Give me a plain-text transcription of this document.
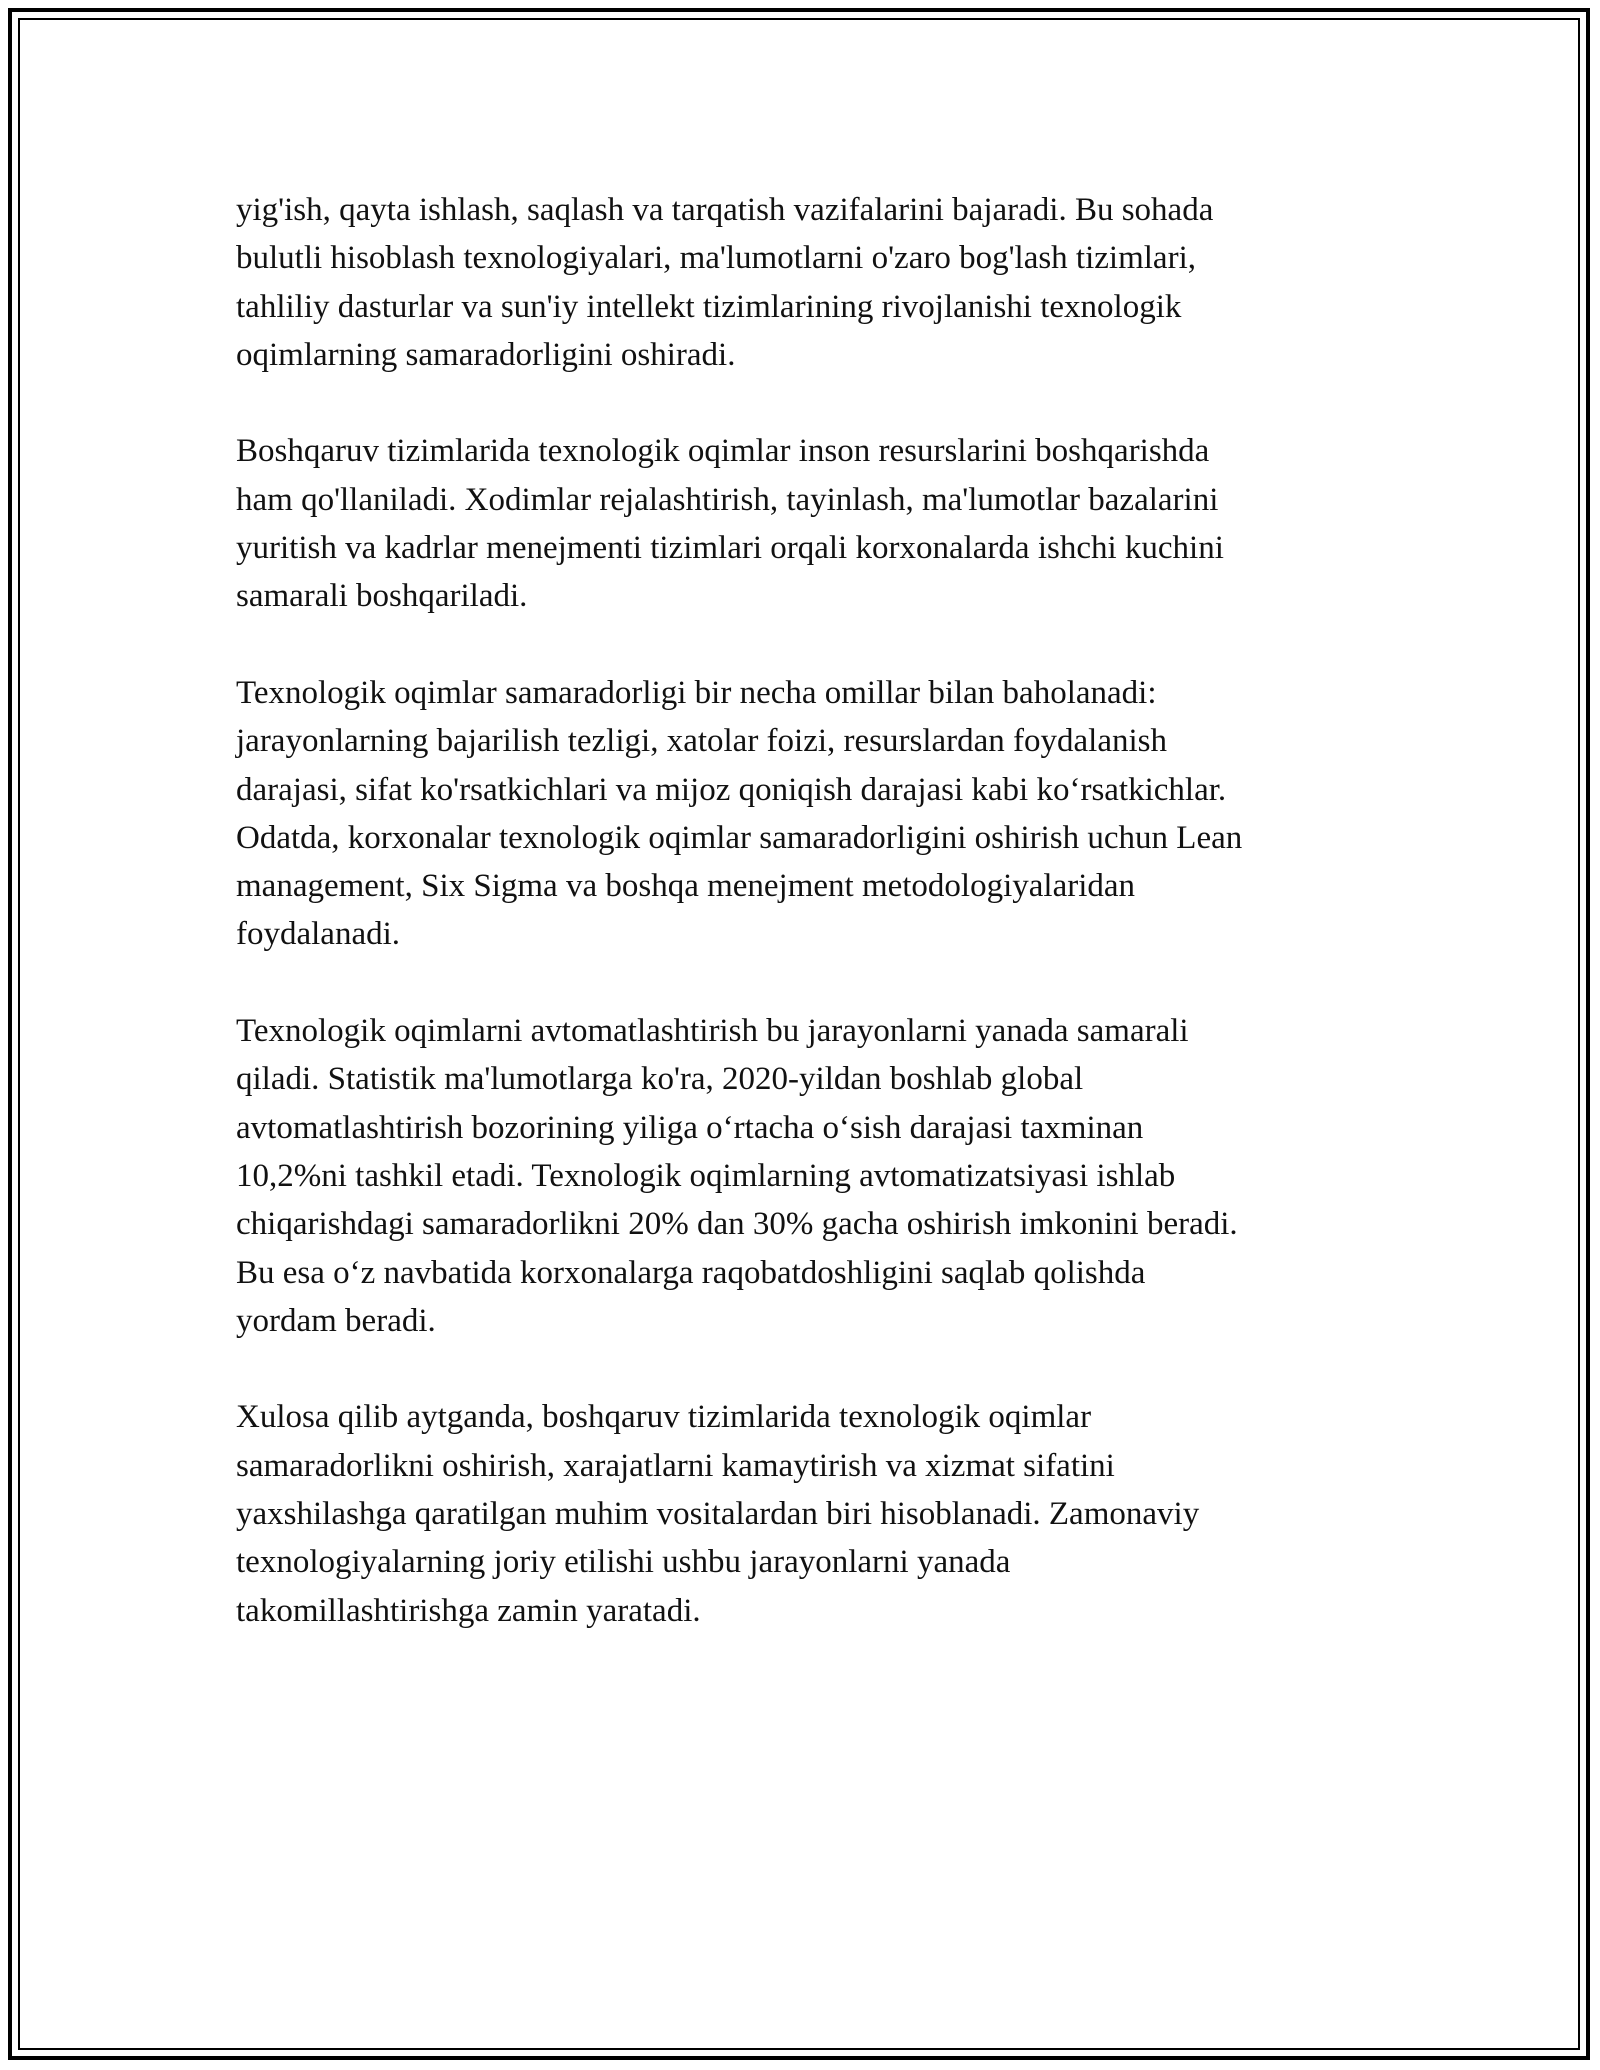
yig'ish, qayta ishlash, saqlash va tarqatish vazifalarini bajaradi. Bu sohada
bulutli hisoblash texnologiyalari, ma'lumotlarni o'zaro bog'lash tizimlari,
tahliliy dasturlar va sun'iy intellekt tizimlarining rivojlanishi texnologik
oqimlarning samaradorligini oshiradi.

Boshqaruv tizimlarida texnologik oqimlar inson resurslarini boshqarishda
ham qo'llaniladi. Xodimlar rejalashtirish, tayinlash, ma'lumotlar bazalarini
yuritish va kadrlar menejmenti tizimlari orqali korxonalarda ishchi kuchini
samarali boshqariladi.

Texnologik oqimlar samaradorligi bir necha omillar bilan baholanadi:
jarayonlarning bajarilish tezligi, xatolar foizi, resurslardan foydalanish
darajasi, sifat ko'rsatkichlari va mijoz qoniqish darajasi kabi ko‘rsatkichlar.
Odatda, korxonalar texnologik oqimlar samaradorligini oshirish uchun Lean
management, Six Sigma va boshqa menejment metodologiyalaridan
foydalanadi.

Texnologik oqimlarni avtomatlashtirish bu jarayonlarni yanada samarali
qiladi. Statistik ma'lumotlarga ko'ra, 2020-yildan boshlab global
avtomatlashtirish bozorining yiliga o‘rtacha o‘sish darajasi taxminan
10,2%ni tashkil etadi. Texnologik oqimlarning avtomatizatsiyasi ishlab
chiqarishdagi samaradorlikni 20% dan 30% gacha oshirish imkonini beradi.
Bu esa o‘z navbatida korxonalarga raqobatdoshligini saqlab qolishda
yordam beradi.

Xulosa qilib aytganda, boshqaruv tizimlarida texnologik oqimlar
samaradorlikni oshirish, xarajatlarni kamaytirish va xizmat sifatini
yaxshilashga qaratilgan muhim vositalardan biri hisoblanadi. Zamonaviy
texnologiyalarning joriy etilishi ushbu jarayonlarni yanada
takomillashtirishga zamin yaratadi.
